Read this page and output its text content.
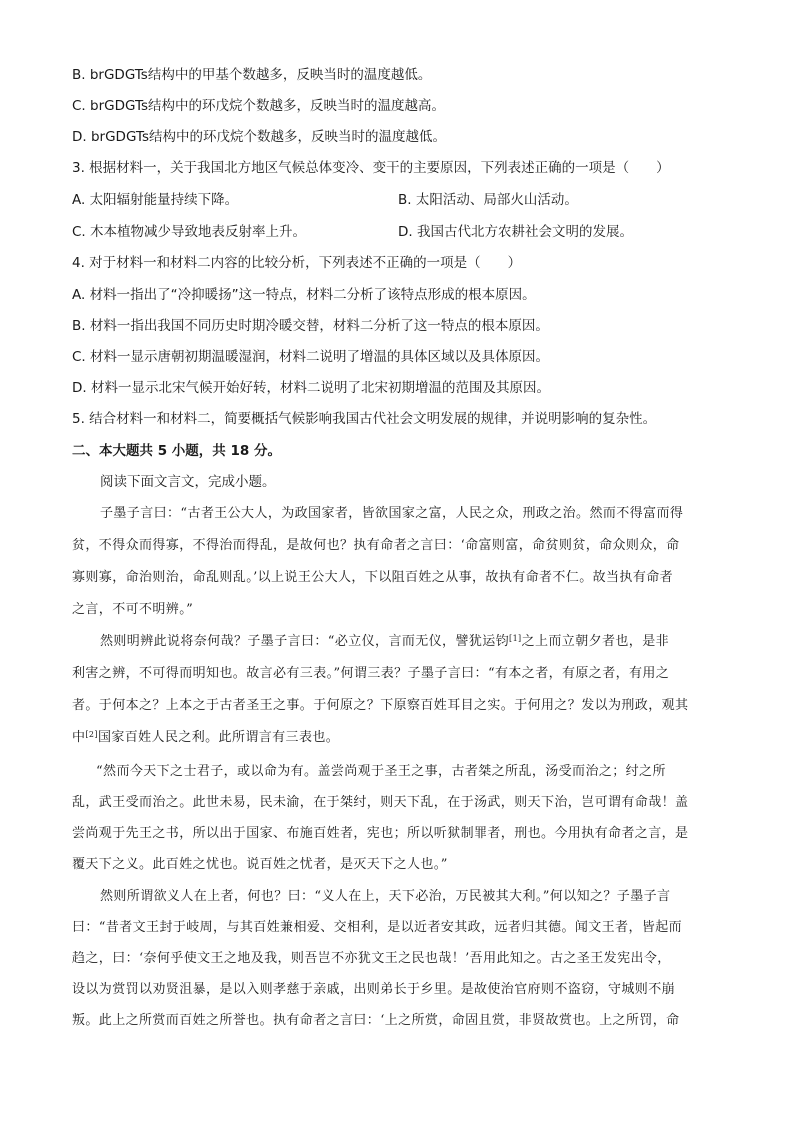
B. brGDGTs结构中的甲基个数越多，反映当时的温度越低。
C. brGDGTs结构中的环戊烷个数越多，反映当时的温度越高。
D. brGDGTs结构中的环戊烷个数越多，反映当时的温度越低。
3. 根据材料一，关于我国北方地区气候总体变冷、变干的主要原因，下列表述正确的一项是（　　）
A. 太阳辐射能量持续下降。	B. 太阳活动、局部火山活动。
C. 木本植物减少导致地表反射率上升。	D. 我国古代北方农耕社会文明的发展。
4. 对于材料一和材料二内容的比较分析，下列表述不正确的一项是（　　）
A. 材料一指出了“冷抑暖扬”这一特点，材料二分析了该特点形成的根本原因。
B. 材料一指出我国不同历史时期冷暖交替，材料二分析了这一特点的根本原因。
C. 材料一显示唐朝初期温暖湿润，材料二说明了增温的具体区域以及具体原因。
D. 材料一显示北宋气候开始好转，材料二说明了北宋初期增温的范围及其原因。
5. 结合材料一和材料二，简要概括气候影响我国古代社会文明发展的规律，并说明影响的复杂性。
二、本大题共 5 小题，共 18 分。
阅读下面文言文，完成小题。
子墨子言曰：“古者王公大人，为政国家者，皆欲国家之富，人民之众，刑政之治。然而不得富而得
贫，不得众而得寡，不得治而得乱，是故何也？执有命者之言曰：‘命富则富，命贫则贫，命众则众，命
寡则寡，命治则治，命乱则乱。’以上说王公大人，下以阻百姓之从事，故执有命者不仁。故当执有命者
之言，不可不明辨。”
然则明辨此说将奈何哉？子墨子言曰：“必立仪，言而无仪，譬犹运钧[1]之上而立朝夕者也，是非
利害之辨，不可得而明知也。故言必有三表。”何谓三表？子墨子言曰：“有本之者，有原之者，有用之
者。于何本之？上本之于古者圣王之事。于何原之？下原察百姓耳目之实。于何用之？发以为刑政，观其
中[2]国家百姓人民之利。此所谓言有三表也。
“然而今天下之士君子，或以命为有。盖尝尚观于圣王之事，古者桀之所乱，汤受而治之；纣之所
乱，武王受而治之。此世未易，民未渝，在于桀纣，则天下乱，在于汤武，则天下治，岂可谓有命哉！盖
尝尚观于先王之书，所以出于国家、布施百姓者，宪也；所以听狱制罪者，刑也。今用执有命者之言，是
覆天下之义。此百姓之忧也。说百姓之忧者，是灭天下之人也。”
然则所谓欲义人在上者，何也？曰：“义人在上，天下必治，万民被其大利。”何以知之？子墨子言
曰：“昔者文王封于岐周，与其百姓兼相爱、交相利，是以近者安其政，远者归其德。闻文王者，皆起而
趋之，曰：‘奈何乎使文王之地及我，则吾岂不亦犹文王之民也哉！’吾用此知之。古之圣王发宪出令，
设以为赏罚以劝贤沮暴，是以入则孝慈于亲戚，出则弟长于乡里。是故使治官府则不盗窃，守城则不崩
叛。此上之所赏而百姓之所誉也。执有命者之言曰：‘上之所赏，命固且赏，非贤故赏也。上之所罚，命
